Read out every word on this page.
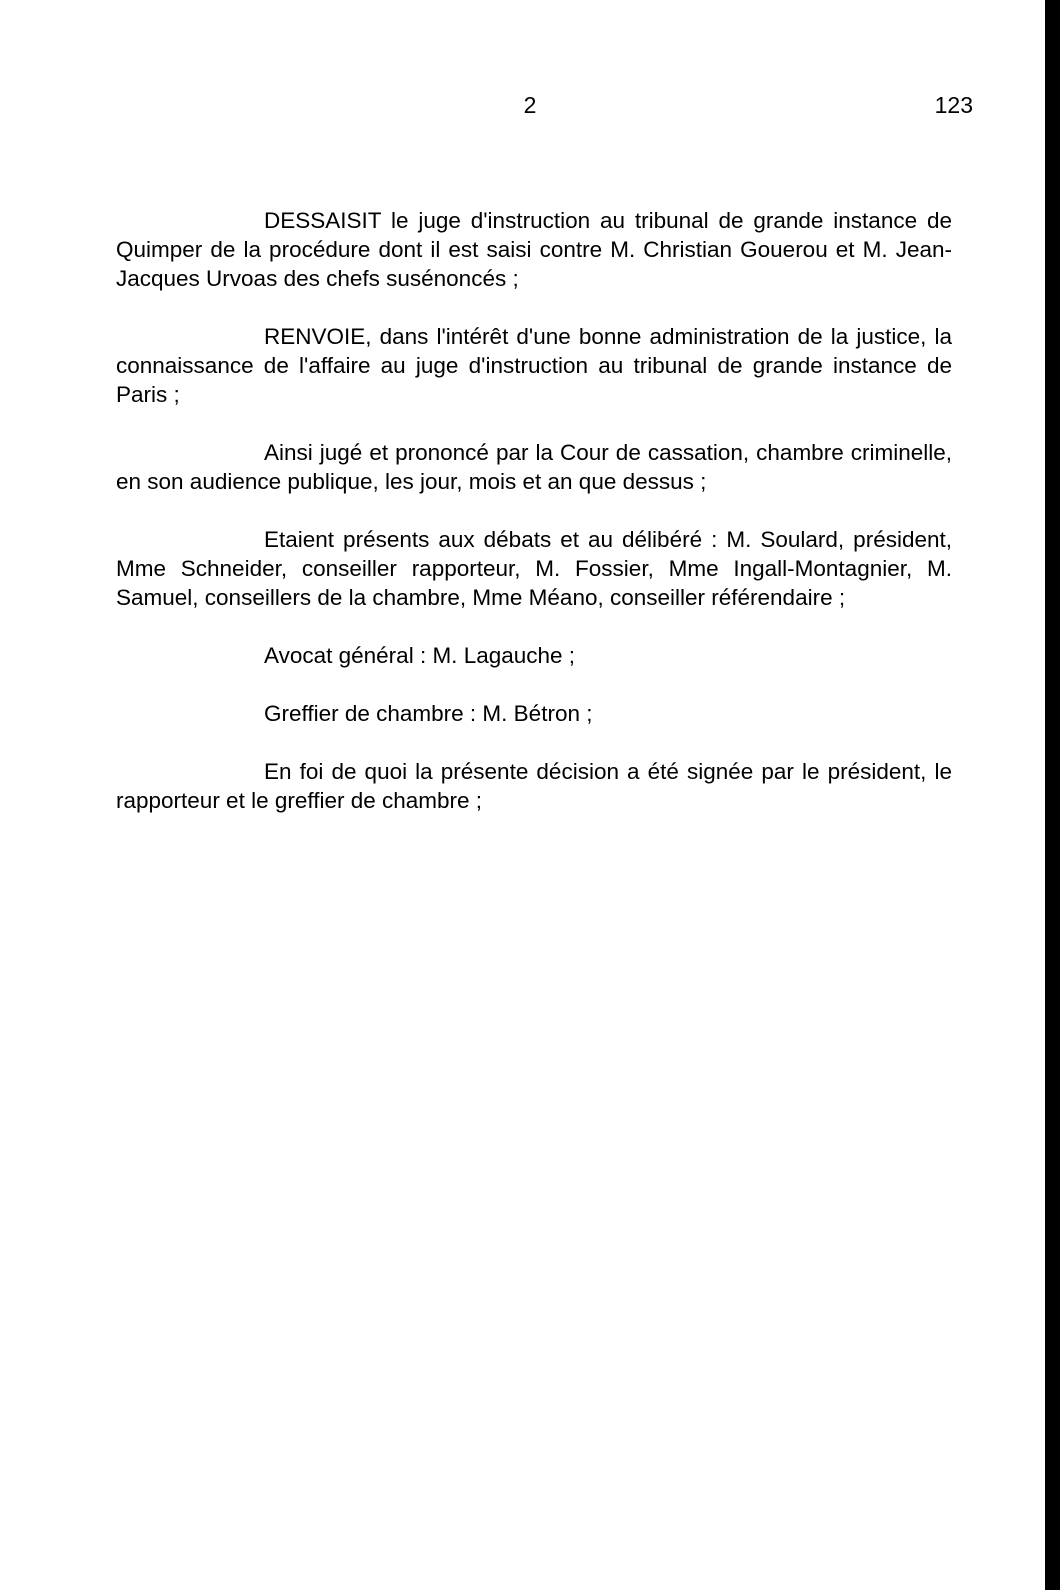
2	123

DESSAISIT le juge d'instruction au tribunal de grande instance de Quimper de la procédure dont il est saisi contre M. Christian Gouerou et M. Jean-Jacques Urvoas des chefs susénoncés ;

RENVOIE, dans l'intérêt d'une bonne administration de la justice, la connaissance de l'affaire au juge d'instruction au tribunal de grande instance de Paris ;

Ainsi jugé et prononcé par la Cour de cassation, chambre criminelle, en son audience publique, les jour, mois et an que dessus ;

Etaient présents aux débats et au délibéré : M. Soulard, président, Mme Schneider, conseiller rapporteur, M. Fossier, Mme Ingall-Montagnier, M. Samuel, conseillers de la chambre, Mme Méano, conseiller référendaire ;

Avocat général : M. Lagauche ;

Greffier de chambre : M. Bétron ;

En foi de quoi la présente décision a été signée par le président, le rapporteur et le greffier de chambre ;
